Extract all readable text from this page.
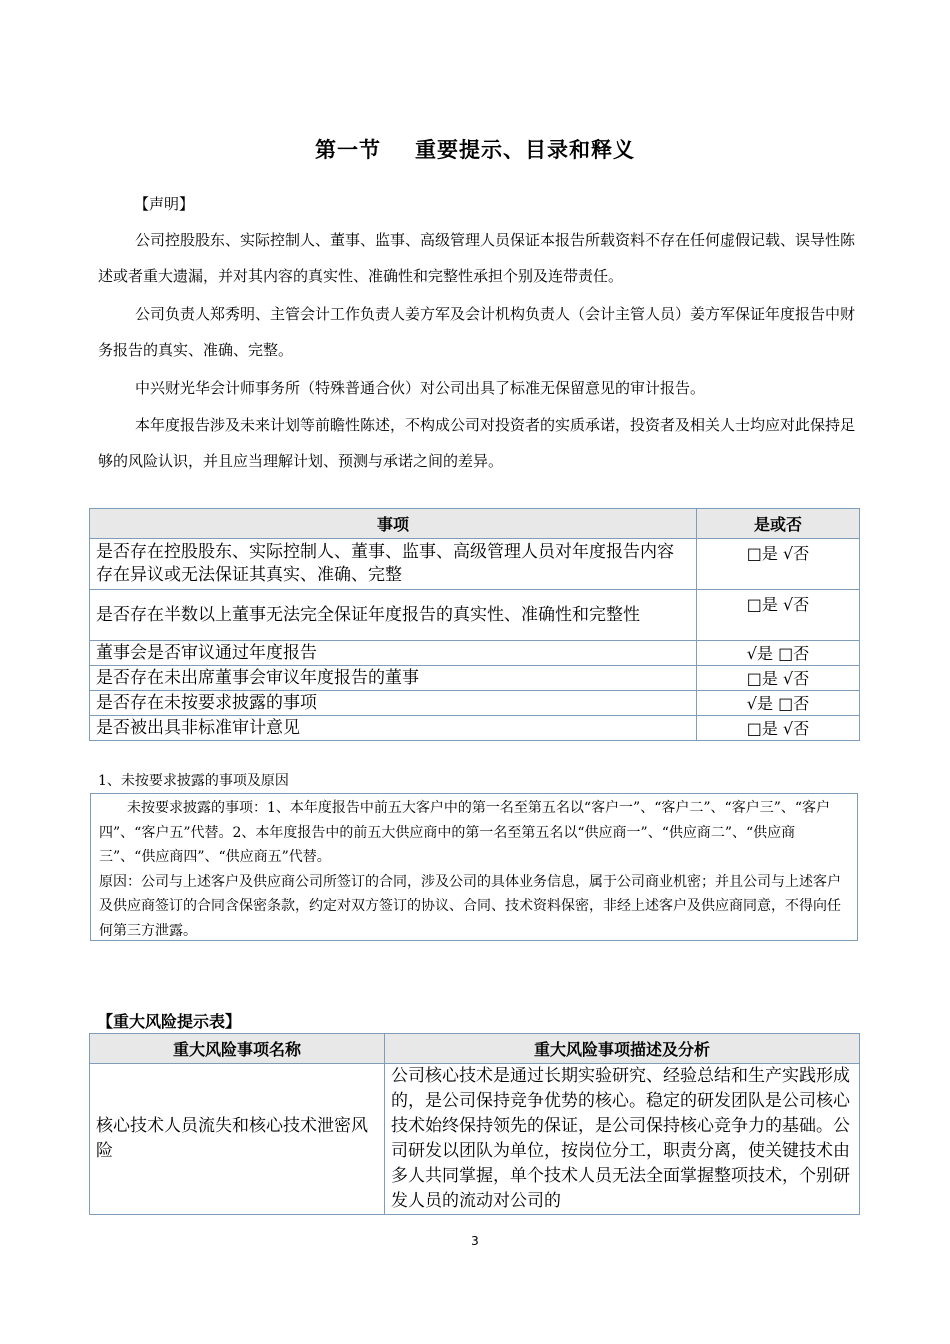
第一节 重要提示、目录和释义
【声明】
公司控股股东、实际控制人、董事、监事、高级管理人员保证本报告所载资料不存在任何虚假记载、误导性陈述或者重大遗漏，并对其内容的真实性、准确性和完整性承担个别及连带责任。
公司负责人郑秀明、主管会计工作负责人姜方军及会计机构负责人（会计主管人员）姜方军保证年度报告中财务报告的真实、准确、完整。
中兴财光华会计师事务所（特殊普通合伙）对公司出具了标准无保留意见的审计报告。
本年度报告涉及未来计划等前瞻性陈述，不构成公司对投资者的实质承诺，投资者及相关人士均应对此保持足够的风险认识，并且应当理解计划、预测与承诺之间的差异。
事项	是或否
是否存在控股股东、实际控制人、董事、监事、高级管理人员对年度报告内容存在异议或无法保证其真实、准确、完整	□是 √否
是否存在半数以上董事无法完全保证年度报告的真实性、准确性和完整性	□是 √否
董事会是否审议通过年度报告	√是 □否
是否存在未出席董事会审议年度报告的董事	□是 √否
是否存在未按要求披露的事项	√是 □否
是否被出具非标准审计意见	□是 √否
1、未按要求披露的事项及原因
未按要求披露的事项：1、本年度报告中前五大客户中的第一名至第五名以“客户一”、“客户二”、“客户三”、“客户四”、“客户五”代替。2、本年度报告中的前五大供应商中的第一名至第五名以“供应商一”、“供应商二”、“供应商三”、“供应商四”、“供应商五”代替。
原因：公司与上述客户及供应商公司所签订的合同，涉及公司的具体业务信息，属于公司商业机密；并且公司与上述客户及供应商签订的合同含保密条款，约定对双方签订的协议、合同、技术资料保密，非经上述客户及供应商同意，不得向任何第三方泄露。
【重大风险提示表】
重大风险事项名称	重大风险事项描述及分析
核心技术人员流失和核心技术泄密风险	公司核心技术是通过长期实验研究、经验总结和生产实践形成的，是公司保持竞争优势的核心。稳定的研发团队是公司核心技术始终保持领先的保证，是公司保持核心竞争力的基础。公司研发以团队为单位，按岗位分工，职责分离，使关键技术由多人共同掌握，单个技术人员无法全面掌握整项技术，个别研发人员的流动对公司的
3
